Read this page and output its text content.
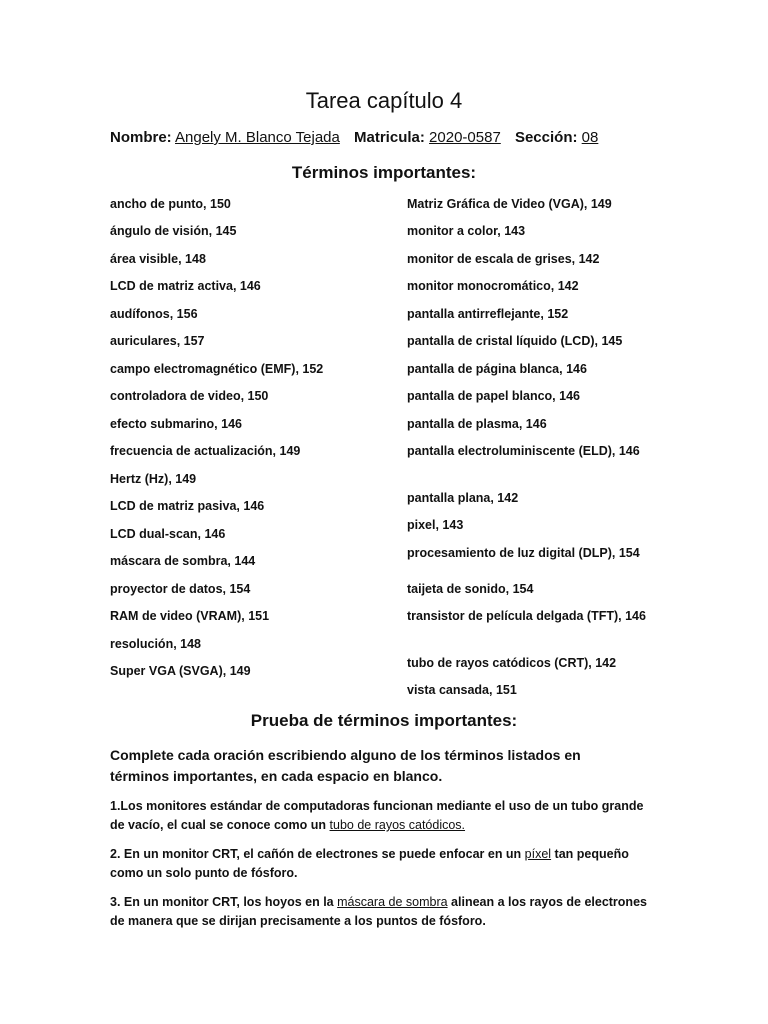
Tarea capítulo 4
Nombre: Angely M. Blanco Tejada Matricula: 2020-0587 Sección: 08
Términos importantes:

ancho de punto, 150

ángulo de visión, 145

área visible, 148

LCD de matriz activa, 146

audífonos, 156

auriculares, 157

campo electromagnético (EMF), 152

controladora de video, 150

efecto submarino, 146

frecuencia de actualización, 149

Hertz (Hz), 149

LCD de matriz pasiva, 146

LCD dual-scan, 146

máscara de sombra, 144

proyector de datos, 154

RAM de video (VRAM), 151

resolución, 148

Super VGA (SVGA), 149

Matriz Gráfica de Video (VGA), 149

monitor a color, 143

monitor de escala de grises, 142

monitor monocromático, 142

pantalla antirreflejante, 152

pantalla de cristal líquido (LCD), 145

pantalla de página blanca, 146

pantalla de papel blanco, 146

pantalla de plasma, 146

pantalla electroluminiscente (ELD), 146

pantalla plana, 142

pixel, 143

procesamiento de luz digital (DLP), 154

taijeta de sonido, 154

transistor de película delgada (TFT), 146

tubo de rayos catódicos (CRT), 142

vista cansada, 151

Prueba de términos importantes:
Complete cada oración escribiendo alguno de los términos listados en términos importantes, en cada espacio en blanco.
1.Los monitores estándar de computadoras funcionan mediante el uso de un tubo grande de vacío, el cual se conoce como un tubo de rayos catódicos.
2. En un monitor CRT, el cañón de electrones se puede enfocar en un píxel tan pequeño como un solo punto de fósforo.
3. En un monitor CRT, los hoyos en la máscara de sombra alinean a los rayos de electrones de manera que se dirijan precisamente a los puntos de fósforo.
